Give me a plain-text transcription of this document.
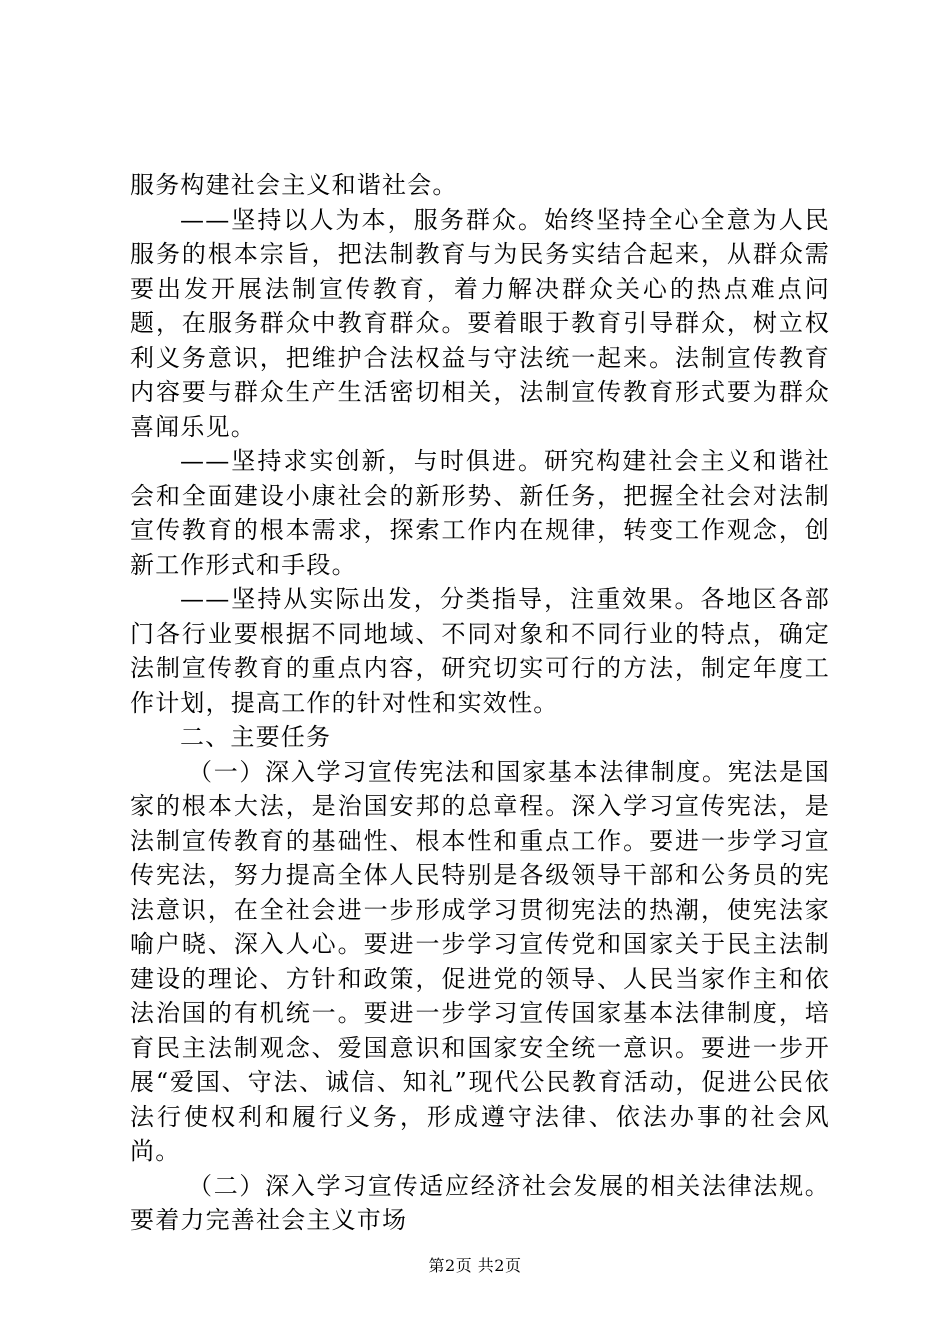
服务构建社会主义和谐社会。

——坚持以人为本，服务群众。始终坚持全心全意为人民服务的根本宗旨，把法制教育与为民务实结合起来，从群众需要出发开展法制宣传教育，着力解决群众关心的热点难点问题，在服务群众中教育群众。要着眼于教育引导群众，树立权利义务意识，把维护合法权益与守法统一起来。法制宣传教育内容要与群众生产生活密切相关，法制宣传教育形式要为群众喜闻乐见。

——坚持求实创新，与时俱进。研究构建社会主义和谐社会和全面建设小康社会的新形势、新任务，把握全社会对法制宣传教育的根本需求，探索工作内在规律，转变工作观念，创新工作形式和手段。

——坚持从实际出发，分类指导，注重效果。各地区各部门各行业要根据不同地域、不同对象和不同行业的特点，确定法制宣传教育的重点内容，研究切实可行的方法，制定年度工作计划，提高工作的针对性和实效性。

二、主要任务

（一）深入学习宣传宪法和国家基本法律制度。宪法是国家的根本大法，是治国安邦的总章程。深入学习宣传宪法，是法制宣传教育的基础性、根本性和重点工作。要进一步学习宣传宪法，努力提高全体人民特别是各级领导干部和公务员的宪法意识，在全社会进一步形成学习贯彻宪法的热潮，使宪法家喻户晓、深入人心。要进一步学习宣传党和国家关于民主法制建设的理论、方针和政策，促进党的领导、人民当家作主和依法治国的有机统一。要进一步学习宣传国家基本法律制度，培育民主法制观念、爱国意识和国家安全统一意识。要进一步开展“爱国、守法、诚信、知礼”现代公民教育活动，促进公民依法行使权利和履行义务，形成遵守法律、依法办事的社会风尚。

（二）深入学习宣传适应经济社会发展的相关法律法规。要着力完善社会主义市场

第2页 共2页
